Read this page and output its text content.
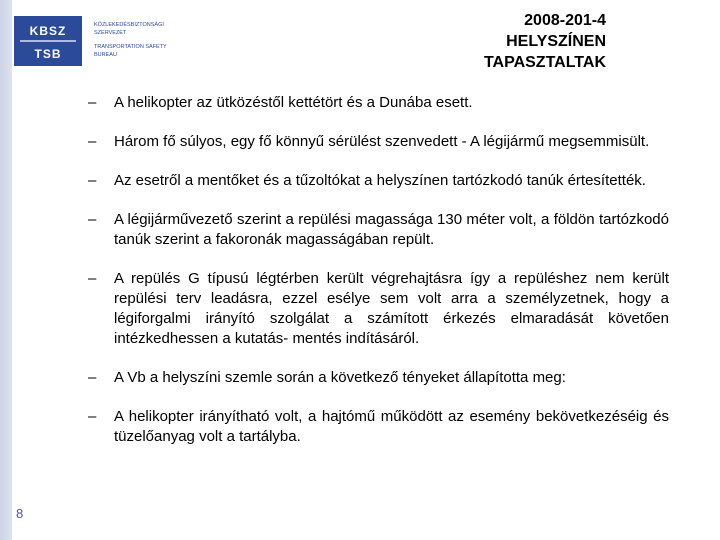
KBSZ
TSB
KÖZLEKEDÉSBIZTONSÁGI
SZERVEZET
TRANSPORTATION SAFETY
BUREAU
2008-201-4
HELYSZÍNEN
TAPASZTALTAK
–	A helikopter az ütközéstől kettétört és a Dunába esett.
–	Három fő súlyos, egy fő könnyű sérülést szenvedett - A légijármű megsemmisült.
–	Az esetről a mentőket és a tűzoltókat a helyszínen tartózkodó tanúk értesítették.
–	A légijárművezető szerint a repülési magassága 130 méter volt, a földön tartózkodó tanúk szerint a fakoronák magasságában repült.
–	A repülés G típusú légtérben került végrehajtásra így a repüléshez nem került repülési terv leadásra, ezzel esélye sem volt arra a személyzetnek, hogy a légiforgalmi irányító szolgálat a számított érkezés elmaradását követően intézkedhessen a kutatás- mentés indításáról.
–	A Vb a helyszíni szemle során a következő tényeket állapította meg:
–	A helikopter irányítható volt, a hajtómű működött az esemény bekövetkezéséig és tüzelőanyag volt a tartályba.
8
